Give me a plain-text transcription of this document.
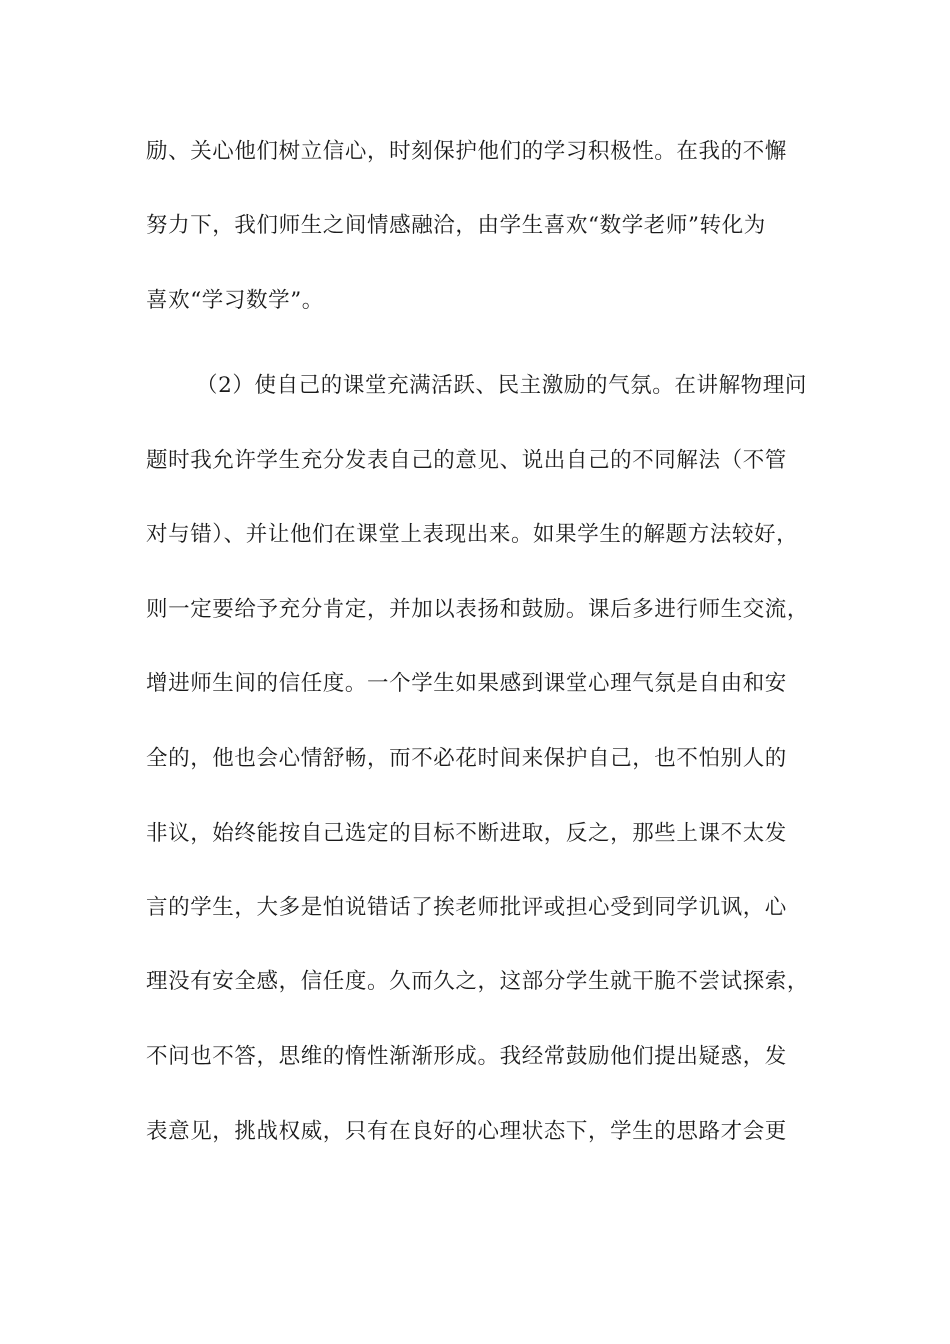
励、关心他们树立信心，时刻保护他们的学习积极性。在我的不懈
努力下，我们师生之间情感融洽，由学生喜欢“数学老师”转化为
喜欢“学习数学”。
（2）使自己的课堂充满活跃、民主激励的气氛。在讲解物理问
题时我允许学生充分发表自己的意见、说出自己的不同解法（不管
对与错）、并让他们在课堂上表现出来。如果学生的解题方法较好，
则一定要给予充分肯定，并加以表扬和鼓励。课后多进行师生交流，
增进师生间的信任度。一个学生如果感到课堂心理气氛是自由和安
全的，他也会心情舒畅，而不必花时间来保护自己，也不怕别人的
非议，始终能按自己选定的目标不断进取，反之，那些上课不太发
言的学生，大多是怕说错话了挨老师批评或担心受到同学讥讽，心
理没有安全感，信任度。久而久之，这部分学生就干脆不尝试探索，
不问也不答，思维的惰性渐渐形成。我经常鼓励他们提出疑惑，发
表意见，挑战权威，只有在良好的心理状态下，学生的思路才会更
